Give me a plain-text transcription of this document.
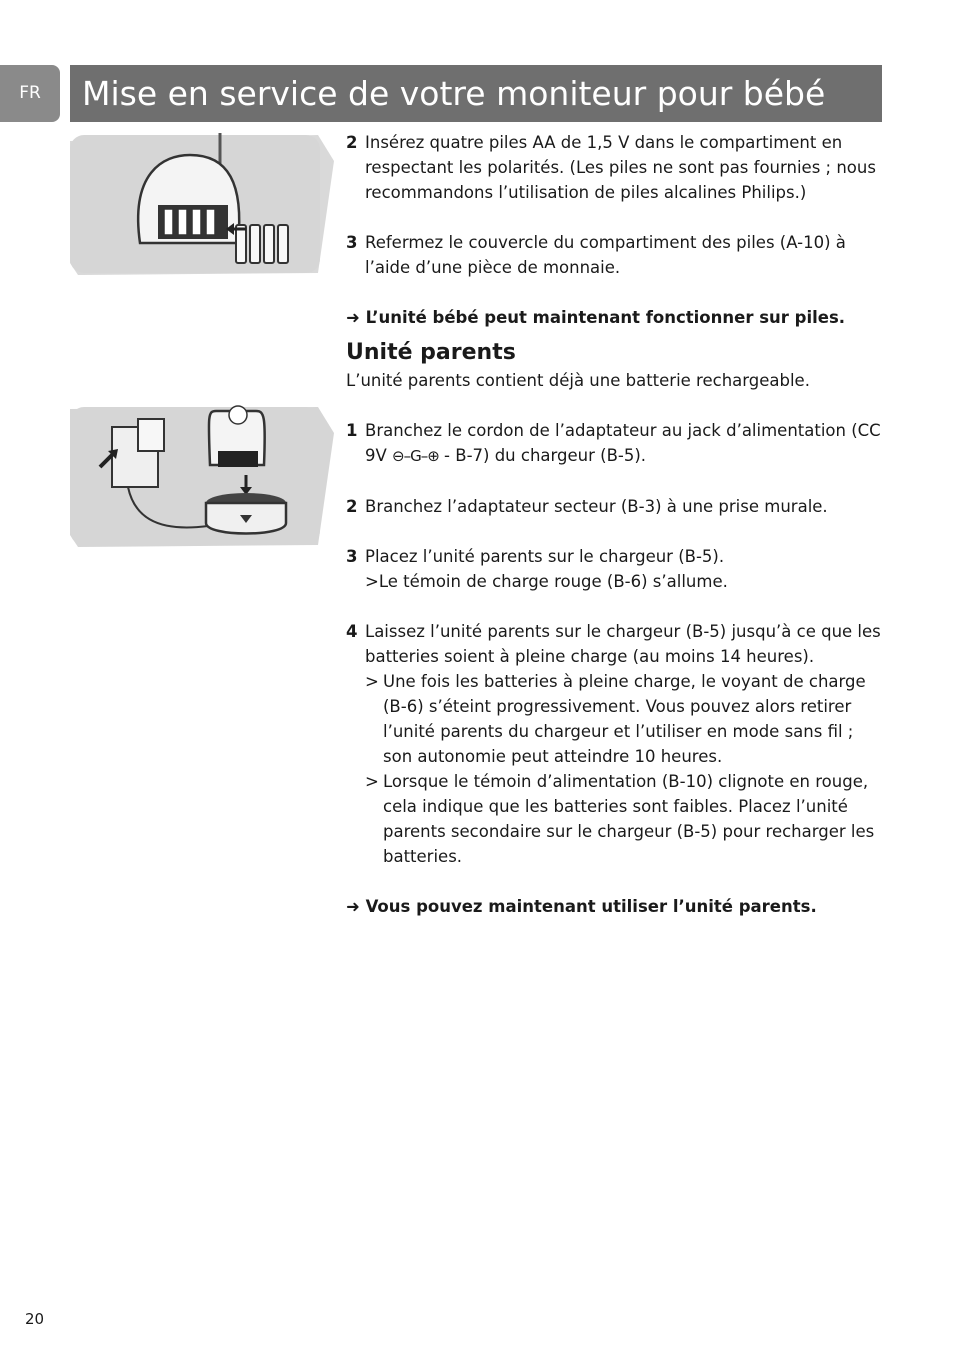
FR	Mise en service de votre moniteur pour bébé
2 Insérez quatre piles AA de 1,5 V dans le compartiment en respectant les polarités. (Les piles ne sont pas fournies ; nous recommandons l’utilisation de piles alcalines Philips.)
3 Refermez le couvercle du compartiment des piles (A-10) à l’aide d’une pièce de monnaie.

➜ L’unité bébé peut maintenant fonctionner sur piles.

Unité parents

L’unité parents contient déjà une batterie rechargeable.

1 Branchez le cordon de l’adaptateur au jack d’alimentation (CC 9V ⊖–G–⊕ - B-7) du chargeur (B-5).
2 Branchez l’adaptateur secteur (B-3) à une prise murale.
3 Placez l’unité parents sur le chargeur (B-5).

>Le témoin de charge rouge (B-6) s’allume.

4 Laissez l’unité parents sur le chargeur (B-5) jusqu’à ce que les batteries soient à pleine charge (au moins 14 heures).
> Une fois les batteries à pleine charge, le voyant de charge (B-6) s’éteint progressivement. Vous pouvez alors retirer l’unité parents du chargeur et l’utiliser en mode sans fil ; son autonomie peut atteindre 10 heures.
> Lorsque le témoin d’alimentation (B-10) clignote en rouge, cela indique que les batteries sont faibles. Placez l’unité parents secondaire sur le chargeur (B-5) pour recharger les batteries.

➜ Vous pouvez maintenant utiliser l’unité parents.

20
